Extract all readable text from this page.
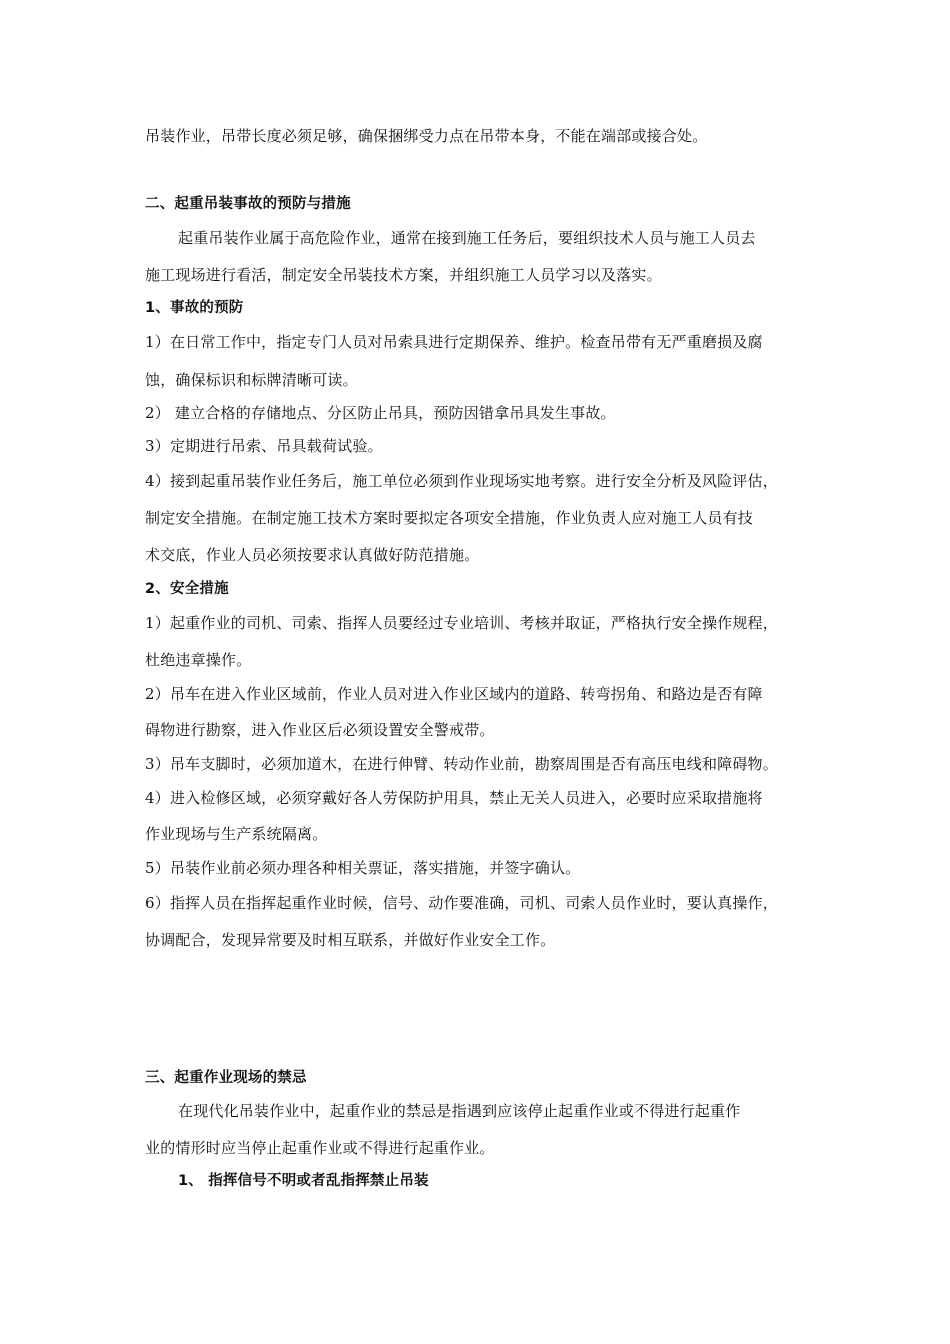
吊装作业，吊带长度必须足够，确保捆绑受力点在吊带本身，不能在端部或接合处。
二、起重吊装事故的预防与措施
起重吊装作业属于高危险作业，通常在接到施工任务后，要组织技术人员与施工人员去
施工现场进行看活，制定安全吊装技术方案，并组织施工人员学习以及落实。
1、事故的预防
1）在日常工作中，指定专门人员对吊索具进行定期保养、维护。检查吊带有无严重磨损及腐
蚀，确保标识和标牌清晰可读。
2） 建立合格的存储地点、分区防止吊具，预防因错拿吊具发生事故。
3）定期进行吊索、吊具载荷试验。
4）接到起重吊装作业任务后，施工单位必须到作业现场实地考察。进行安全分析及风险评估，
制定安全措施。在制定施工技术方案时要拟定各项安全措施，作业负责人应对施工人员有技
术交底，作业人员必须按要求认真做好防范措施。
2、安全措施
1）起重作业的司机、司索、指挥人员要经过专业培训、考核并取证，严格执行安全操作规程，
杜绝违章操作。
2）吊车在进入作业区域前，作业人员对进入作业区域内的道路、转弯拐角、和路边是否有障
碍物进行勘察，进入作业区后必须设置安全警戒带。
3）吊车支脚时，必须加道木，在进行伸臂、转动作业前，勘察周围是否有高压电线和障碍物。
4）进入检修区域，必须穿戴好各人劳保防护用具，禁止无关人员进入，必要时应采取措施将
作业现场与生产系统隔离。
5）吊装作业前必须办理各种相关票证，落实措施，并签字确认。
6）指挥人员在指挥起重作业时候，信号、动作要准确，司机、司索人员作业时，要认真操作，
协调配合，发现异常要及时相互联系，并做好作业安全工作。
三、起重作业现场的禁忌
在现代化吊装作业中，起重作业的禁忌是指遇到应该停止起重作业或不得进行起重作
业的情形时应当停止起重作业或不得进行起重作业。
1、 指挥信号不明或者乱指挥禁止吊装
